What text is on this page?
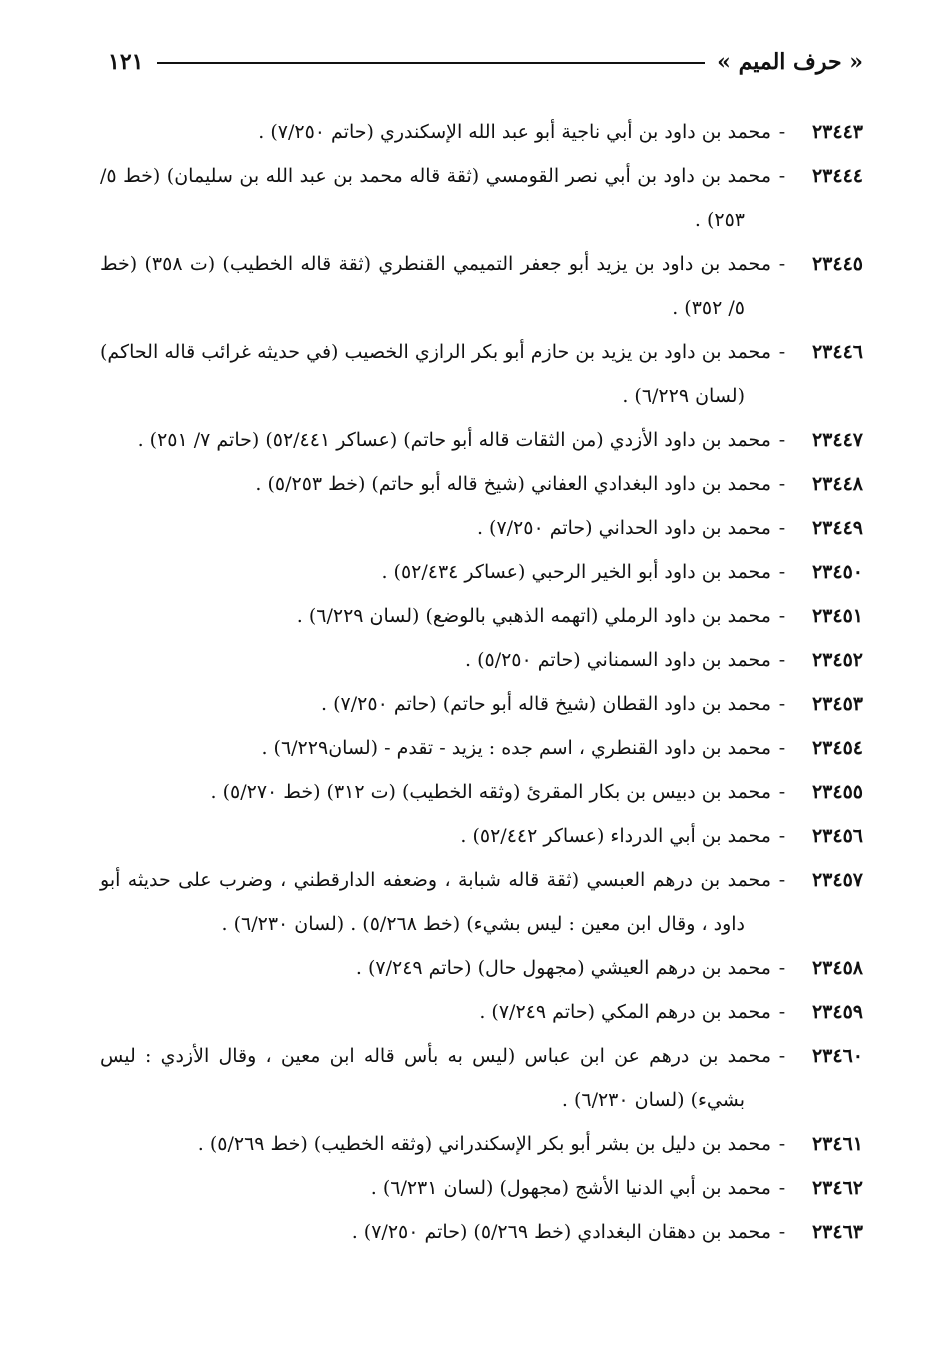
« حرف الميم »
١٢١

٢٣٤٤٣-محمد بن داود بن أبي ناجية أبو عبد الله الإسكندري (حاتم ٧/٢٥٠) .

٢٣٤٤٤-محمد بن داود بن أبي نصر القومسي (ثقة قاله محمد بن عبد الله بن سليمان) (خط ٥/ ٢٥٣) .

٢٣٤٤٥-محمد بن داود بن يزيد أبو جعفر التميمي القنطري (ثقة قاله الخطيب) (ت ٣٥٨) (خط ٥/ ٣٥٢) .

٢٣٤٤٦-محمد بن داود بن يزيد بن حازم أبو بكر الرازي الخصيب (في حديثه غرائب قاله الحاكم) (لسان ٦/٢٢٩) .

٢٣٤٤٧-محمد بن داود الأزدي (من الثقات قاله أبو حاتم) (عساكر ٥٢/٤٤١) (حاتم ٧/ ٢٥١) .

٢٣٤٤٨-محمد بن داود البغدادي العفاني (شيخ قاله أبو حاتم) (خط ٥/٢٥٣) .

٢٣٤٤٩-محمد بن داود الحداني (حاتم ٧/٢٥٠) .

٢٣٤٥٠-محمد بن داود أبو الخير الرحبي (عساكر ٥٢/٤٣٤) .

٢٣٤٥١-محمد بن داود الرملي (اتهمه الذهبي بالوضع) (لسان ٦/٢٢٩) .

٢٣٤٥٢-محمد بن داود السمناني (حاتم ٥/٢٥٠) .

٢٣٤٥٣-محمد بن داود القطان (شيخ قاله أبو حاتم) (حاتم ٧/٢٥٠) .

٢٣٤٥٤-محمد بن داود القنطري ، اسم جده : يزيد - تقدم - (لسان٦/٢٢٩) .

٢٣٤٥٥-محمد بن دبيس بن بكار المقرئ (وثقه الخطيب) (ت ٣١٢) (خط ٥/٢٧٠) .

٢٣٤٥٦-محمد بن أبي الدرداء (عساكر ٥٢/٤٤٢) .

٢٣٤٥٧-محمد بن درهم العبسي (ثقة قاله شبابة ، وضعفه الدارقطني ، وضرب على حديثه أبو داود ، وقال ابن معين : ليس بشيء) (خط ٥/٢٦٨) . (لسان ٦/٢٣٠) .

٢٣٤٥٨-محمد بن درهم العيشي (مجهول حال) (حاتم ٧/٢٤٩) .

٢٣٤٥٩-محمد بن درهم المكي (حاتم ٧/٢٤٩) .

٢٣٤٦٠-محمد بن درهم عن ابن عباس (ليس به بأس قاله ابن معين ، وقال الأزدي : ليس بشيء) (لسان ٦/٢٣٠) .

٢٣٤٦١-محمد بن دليل بن بشر أبو بكر الإسكندراني (وثقه الخطيب) (خط ٥/٢٦٩) .

٢٣٤٦٢-محمد بن أبي الدنيا الأشج (مجهول) (لسان ٦/٢٣١) .

٢٣٤٦٣-محمد بن دهقان البغدادي (خط ٥/٢٦٩) (حاتم ٧/٢٥٠) .
